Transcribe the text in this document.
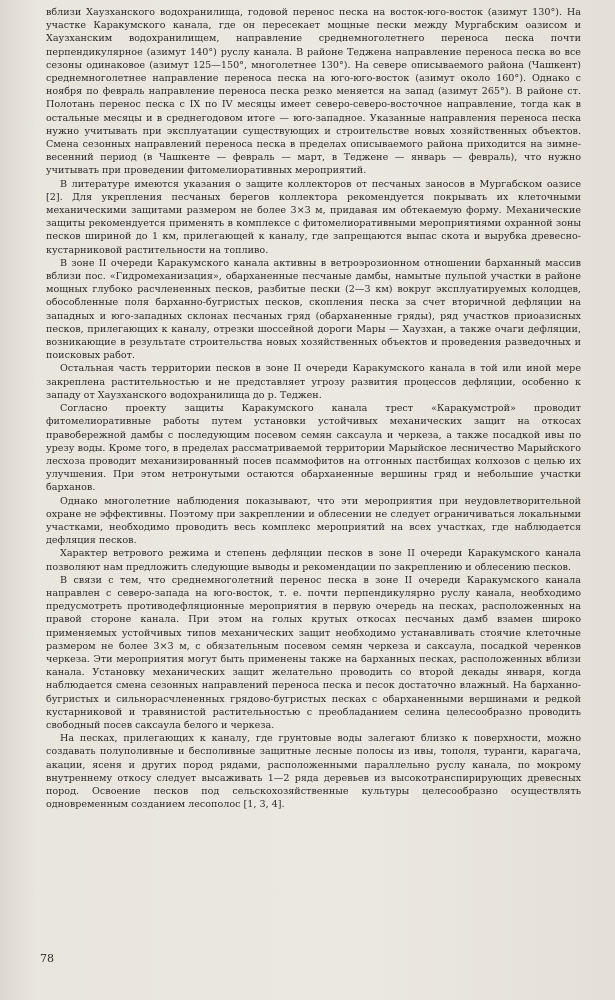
вблизи Хаузханского водохранилища, годовой перенос песка на восток-юго-восток (азимут 130°). На участке Каракумского канала, где он пересекает мощные пески между Мургабским оазисом и Хаузханским водохранилищем, направление среднемноголетнего переноса песка почти перпендикулярное (азимут 140°) руслу канала. В районе Теджена направление переноса песка во все сезоны одинаковое (азимут 125—150°, многолетнее 130°). На севере описываемого района (Чашкент) среднемноголетнее направление переноса песка на юго-юго-восток (азимут около 160°). Однако с ноября по февраль направление переноса песка резко меняется на запад (азимут 265°). В районе ст. Полотань перенос песка с IX по IV месяцы имеет северо-северо-восточное направление, тогда как в остальные месяцы и в среднегодовом итоге — юго-западное. Указанные направления переноса песка нужно учитывать при эксплуатации существующих и строительстве новых хозяйственных объектов. Смена сезонных направлений переноса песка в пределах описываемого района приходится на зимне-весенний период (в Чашкенте — февраль — март, в Теджене — январь — февраль), что нужно учитывать при проведении фитомелиоративных мероприятий.

В литературе имеются указания о защите коллекторов от песчаных заносов в Мургабском оазисе [2]. Для укрепления песчаных берегов коллектора рекомендуется покрывать их клеточными механическими защитами размером не более 3×3 м, придавая им обтекаемую форму. Механические защиты рекомендуется применять в комплексе с фитомелиоративными мероприятиями охранной зоны песков шириной до 1 км, прилегающей к каналу, где запрещаются выпас скота и вырубка древесно-кустарниковой растительности на топливо.

В зоне II очереди Каракумского канала активны в ветроэрозионном отношении барханный массив вблизи пос. «Гидромеханизация», обарханенные песчаные дамбы, намытые пульпой участки в районе мощных глубоко расчлененных песков, разбитые пески (2—3 км) вокруг эксплуатируемых колодцев, обособленные поля барханно-бугристых песков, скопления песка за счет вторичной дефляции на западных и юго-западных склонах песчаных гряд (обарханенные гряды), ряд участков приоазисных песков, прилегающих к каналу, отрезки шоссейной дороги Мары — Хаузхан, а также очаги дефляции, возникающие в результате строительства новых хозяйственных объектов и проведения разведочных и поисковых работ.

Остальная часть территории песков в зоне II очереди Каракумского канала в той или иной мере закреплена растительностью и не представляет угрозу развития процессов дефляции, особенно к западу от Хаузханского водохранилища до р. Теджен.

Согласно проекту защиты Каракумского канала трест «Каракумстрой» проводит фитомелиоративные работы путем установки устойчивых механических защит на откосах правобережной дамбы с последующим посевом семян саксаула и черкеза, а также посадкой ивы по урезу воды. Кроме того, в пределах рассматриваемой территории Марыйское лесничество Марыйского лесхоза проводит механизированный посев псаммофитов на отгонных пастбищах колхозов с целью их улучшения. При этом нетронутыми остаются обарханенные вершины гряд и небольшие участки барханов.

Однако многолетние наблюдения показывают, что эти мероприятия при неудовлетворительной охране не эффективны. Поэтому при закреплении и облесении не следует ограничиваться локальными участками, необходимо проводить весь комплекс мероприятий на всех участках, где наблюдается дефляция песков.

Характер ветрового режима и степень дефляции песков в зоне II очереди Каракумского канала позволяют нам предложить следующие выводы и рекомендации по закреплению и облесению песков.

В связи с тем, что среднемноголетний перенос песка в зоне II очереди Каракумского канала направлен с северо-запада на юго-восток, т. е. почти перпендикулярно руслу канала, необходимо предусмотреть противодефляционные мероприятия в первую очередь на песках, расположенных на правой стороне канала. При этом на голых крутых откосах песчаных дамб взамен широко применяемых устойчивых типов механических защит необходимо устанавливать стоячие клеточные размером не более 3×3 м, с обязательным посевом семян черкеза и саксаула, посадкой черенков черкеза. Эти мероприятия могут быть применены также на барханных песках, расположенных вблизи канала. Установку механических защит желательно проводить со второй декады января, когда наблюдается смена сезонных направлений переноса песка и песок достаточно влажный. На барханно-бугристых и сильнорасчлененных грядово-бугристых песках с обарханенными вершинами и редкой кустарниковой и травянистой растительностью с преобладанием селина целесообразно проводить свободный посев саксаула белого и черкеза.

На песках, прилегающих к каналу, где грунтовые воды залегают близко к поверхности, можно создавать полуполивные и бесполивные защитные лесные полосы из ивы, тополя, туранги, карагача, акации, ясеня и других пород рядами, расположенными параллельно руслу канала, по мокрому внутреннему откосу следует высаживать 1—2 ряда деревьев из высокотранспирирующих древесных пород. Освоение песков под сельскохозяйственные культуры целесообразно осуществлять одновременным созданием лесополос [1, 3, 4].

78
